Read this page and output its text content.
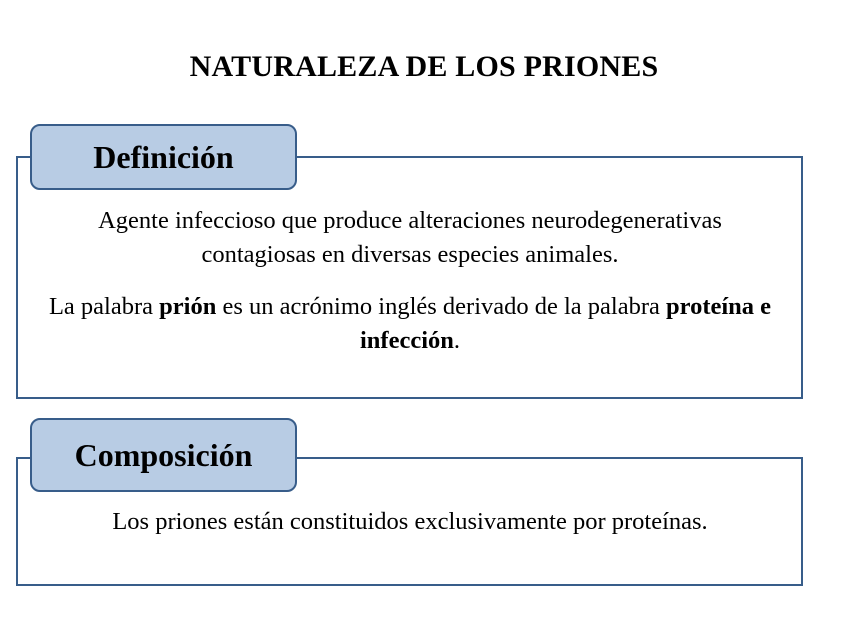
NATURALEZA DE LOS PRIONES
Definición
Agente infeccioso que produce alteraciones neurodegenerativas contagiosas en diversas especies animales.
La palabra prión es un acrónimo inglés derivado de la palabra proteína e infección.
Composición
Los priones están constituidos exclusivamente por proteínas.
